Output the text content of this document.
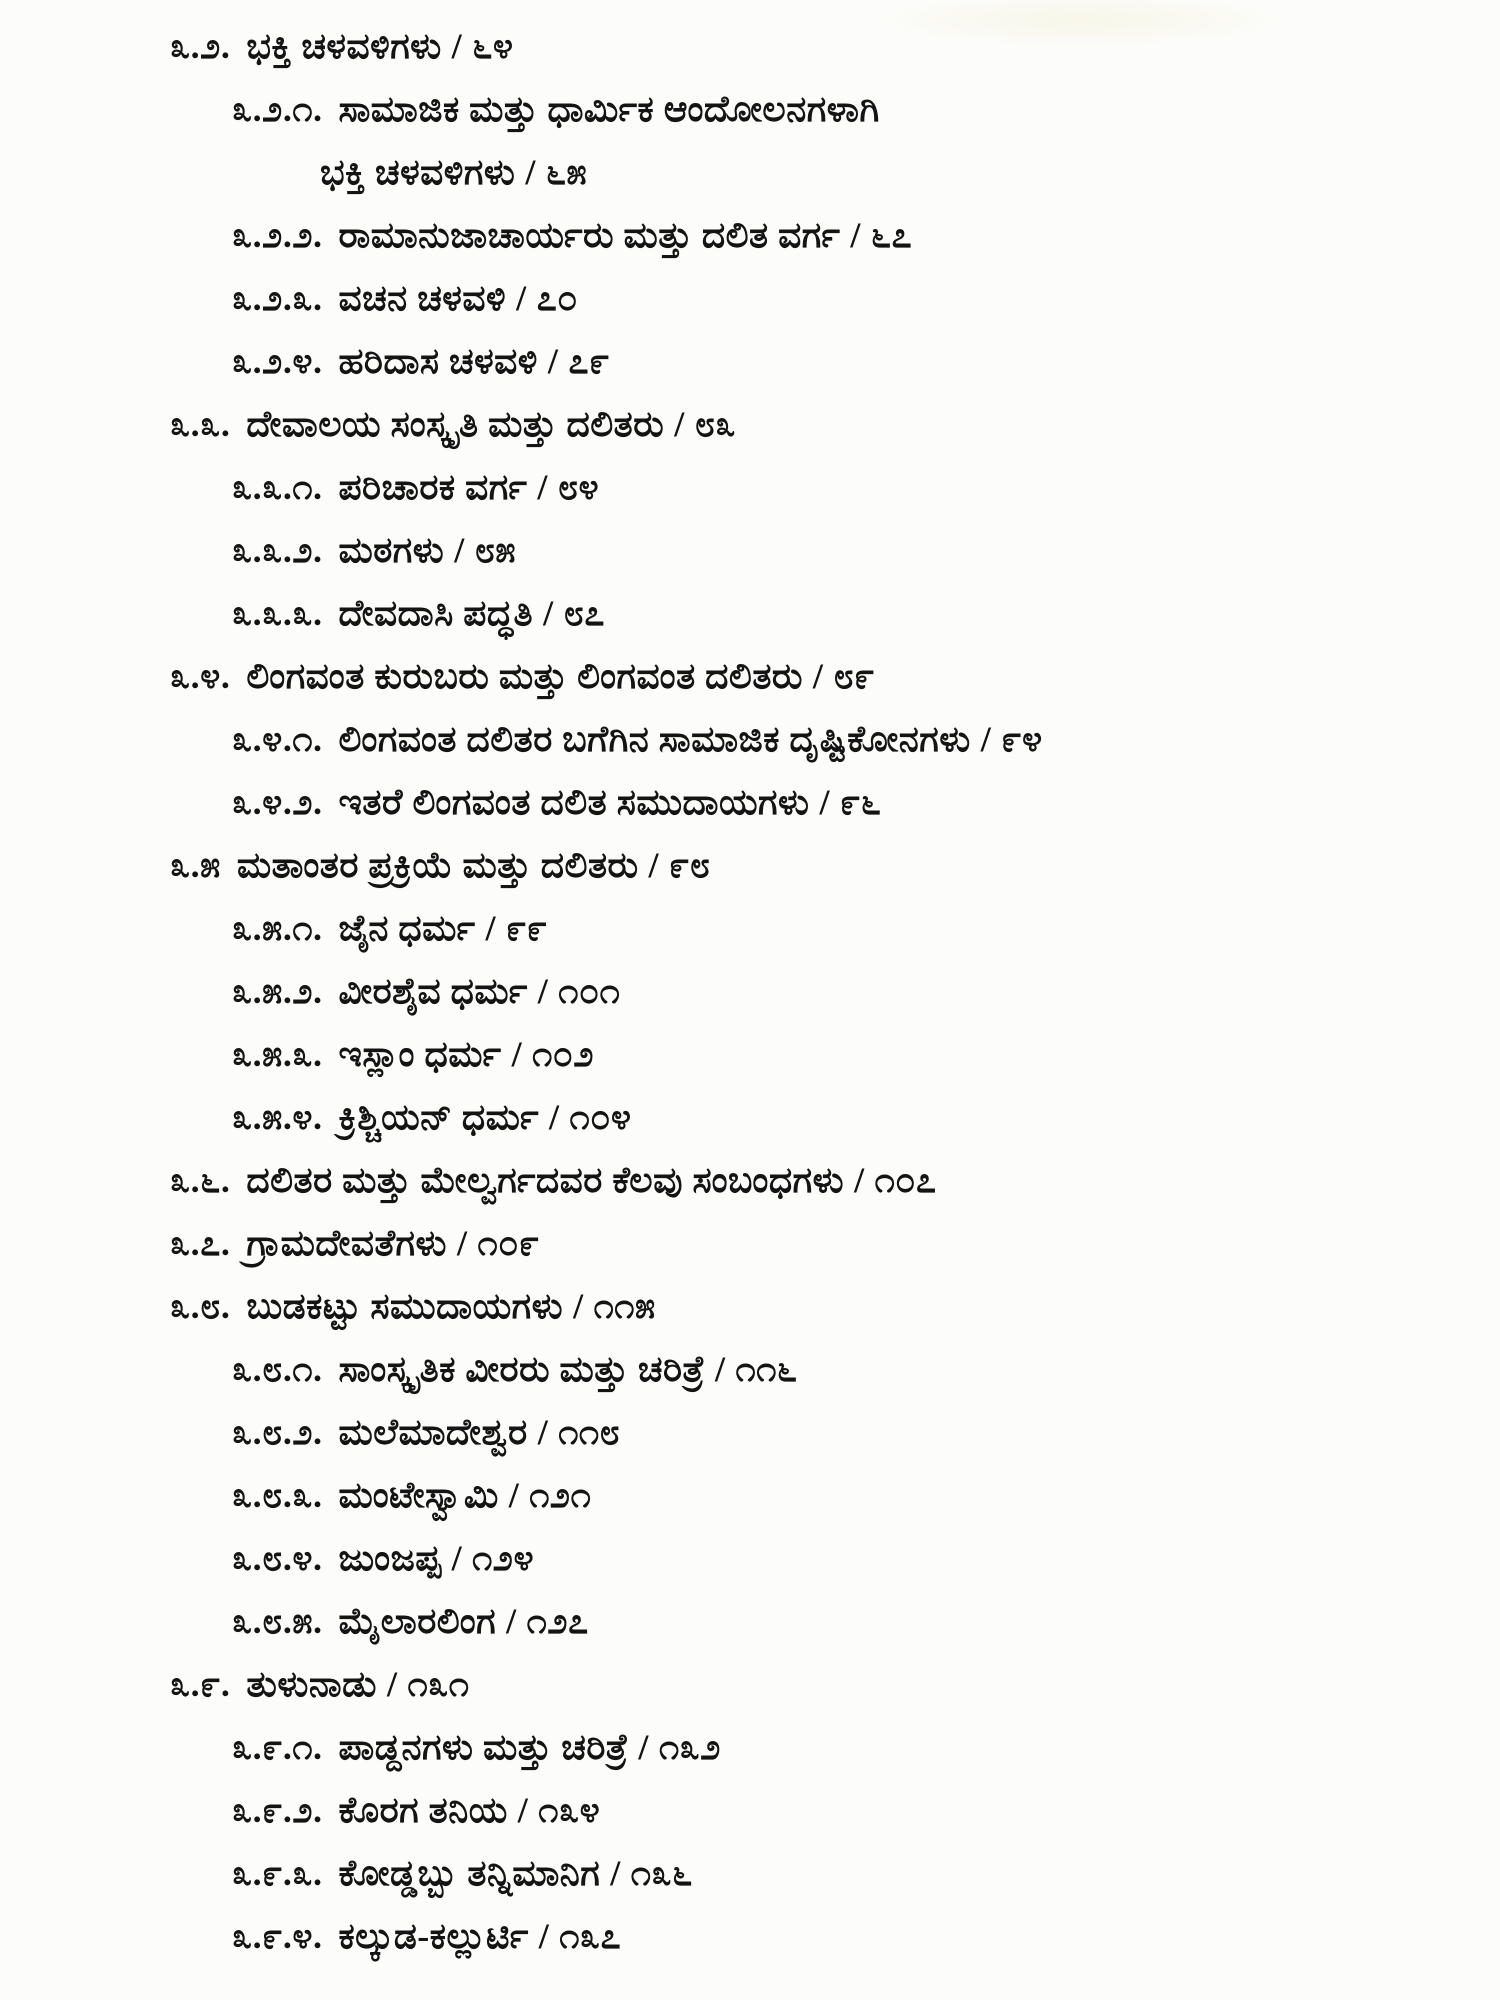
೩.೨. ಭಕ್ತಿ ಚಳವಳಿಗಳು / ೬೪
೩.೨.೧. ಸಾಮಾಜಿಕ ಮತ್ತು ಧಾರ್ಮಿಕ ಆಂದೋಲನಗಳಾಗಿ
ಭಕ್ತಿ ಚಳವಳಿಗಳು / ೬೫
೩.೨.೨. ರಾಮಾನುಜಾಚಾರ್ಯರು ಮತ್ತು ದಲಿತ ವರ್ಗ / ೬೭
೩.೨.೩. ವಚನ ಚಳವಳಿ / ೭೦
೩.೨.೪. ಹರಿದಾಸ ಚಳವಳಿ / ೭೯
೩.೩. ದೇವಾಲಯ ಸಂಸ್ಕೃತಿ ಮತ್ತು ದಲಿತರು / ೮೩
೩.೩.೧. ಪರಿಚಾರಕ ವರ್ಗ / ೮೪
೩.೩.೨. ಮಠಗಳು / ೮೫
೩.೩.೩. ದೇವದಾಸಿ ಪದ್ಧತಿ / ೮೭
೩.೪. ಲಿಂಗವಂತ ಕುರುಬರು ಮತ್ತು ಲಿಂಗವಂತ ದಲಿತರು / ೮೯
೩.೪.೧. ಲಿಂಗವಂತ ದಲಿತರ ಬಗೆಗಿನ ಸಾಮಾಜಿಕ ದೃಷ್ಟಿಕೋನಗಳು / ೯೪
೩.೪.೨. ಇತರೆ ಲಿಂಗವಂತ ದಲಿತ ಸಮುದಾಯಗಳು / ೯೬
೩.೫ ಮತಾಂತರ ಪ್ರಕ್ರಿಯೆ ಮತ್ತು ದಲಿತರು / ೯೮
೩.೫.೧. ಜೈನ ಧರ್ಮ / ೯೯
೩.೫.೨. ವೀರಶೈವ ಧರ್ಮ / ೧೦೧
೩.೫.೩. ಇಸ್ಲಾಂ ಧರ್ಮ / ೧೦೨
೩.೫.೪. ಕ್ರಿಶ್ಚಿಯನ್ ಧರ್ಮ / ೧೦೪
೩.೬. ದಲಿತರ ಮತ್ತು ಮೇಲ್ವರ್ಗದವರ ಕೆಲವು ಸಂಬಂಧಗಳು / ೧೦೭
೩.೭. ಗ್ರಾಮದೇವತೆಗಳು / ೧೦೯
೩.೮. ಬುಡಕಟ್ಟು ಸಮುದಾಯಗಳು / ೧೧೫
೩.೮.೧. ಸಾಂಸ್ಕೃತಿಕ ವೀರರು ಮತ್ತು ಚರಿತ್ರೆ / ೧೧೬
೩.೮.೨. ಮಲೆಮಾದೇಶ್ವರ / ೧೧೮
೩.೮.೩. ಮಂಟೇಸ್ವಾಮಿ / ೧೨೧
೩.೮.೪. ಜುಂಜಪ್ಪ / ೧೨೪
೩.೮.೫. ಮೈಲಾರಲಿಂಗ / ೧೨೭
೩.೯. ತುಳುನಾಡು / ೧೩೧
೩.೯.೧. ಪಾಡ್ದನಗಳು ಮತ್ತು ಚರಿತ್ರೆ / ೧೩೨
೩.೯.೨. ಕೊರಗ ತನಿಯ / ೧೩೪
೩.೯.೩. ಕೋಡ್ಡಬ್ಬು ತನ್ನಿಮಾನಿಗ / ೧೩೬
೩.೯.೪. ಕಲ್ಕುಡ-ಕಲ್ಲುರ್ಟಿ / ೧೩೭
